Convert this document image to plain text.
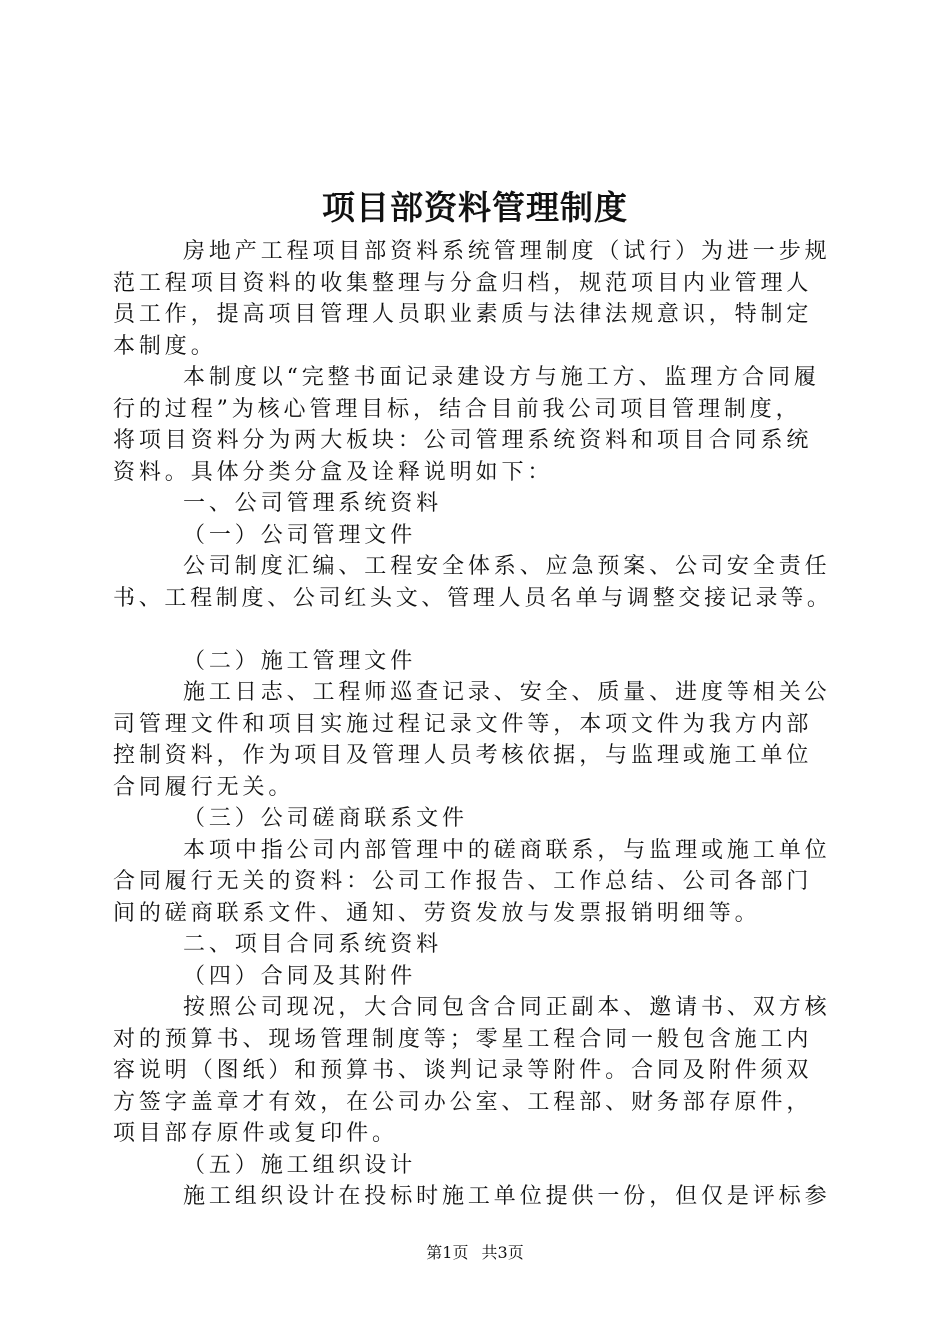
项目部资料管理制度
房地产工程项目部资料系统管理制度（试行）为进一步规
范工程项目资料的收集整理与分盒归档，规范项目内业管理人
员工作，提高项目管理人员职业素质与法律法规意识，特制定
本制度。
本制度以“完整书面记录建设方与施工方、监理方合同履
行的过程”为核心管理目标，结合目前我公司项目管理制度，
将项目资料分为两大板块：公司管理系统资料和项目合同系统
资料。具体分类分盒及诠释说明如下：
一、公司管理系统资料
（一）公司管理文件
公司制度汇编、工程安全体系、应急预案、公司安全责任
书、工程制度、公司红头文、管理人员名单与调整交接记录等。
（二）施工管理文件
施工日志、工程师巡查记录、安全、质量、进度等相关公
司管理文件和项目实施过程记录文件等，本项文件为我方内部
控制资料，作为项目及管理人员考核依据，与监理或施工单位
合同履行无关。
（三）公司磋商联系文件
本项中指公司内部管理中的磋商联系，与监理或施工单位
合同履行无关的资料：公司工作报告、工作总结、公司各部门
间的磋商联系文件、通知、劳资发放与发票报销明细等。
二、项目合同系统资料
（四）合同及其附件
按照公司现况，大合同包含合同正副本、邀请书、双方核
对的预算书、现场管理制度等；零星工程合同一般包含施工内
容说明（图纸）和预算书、谈判记录等附件。合同及附件须双
方签字盖章才有效，在公司办公室、工程部、财务部存原件，
项目部存原件或复印件。
（五）施工组织设计
施工组织设计在投标时施工单位提供一份，但仅是评标参
第1页 共3页
